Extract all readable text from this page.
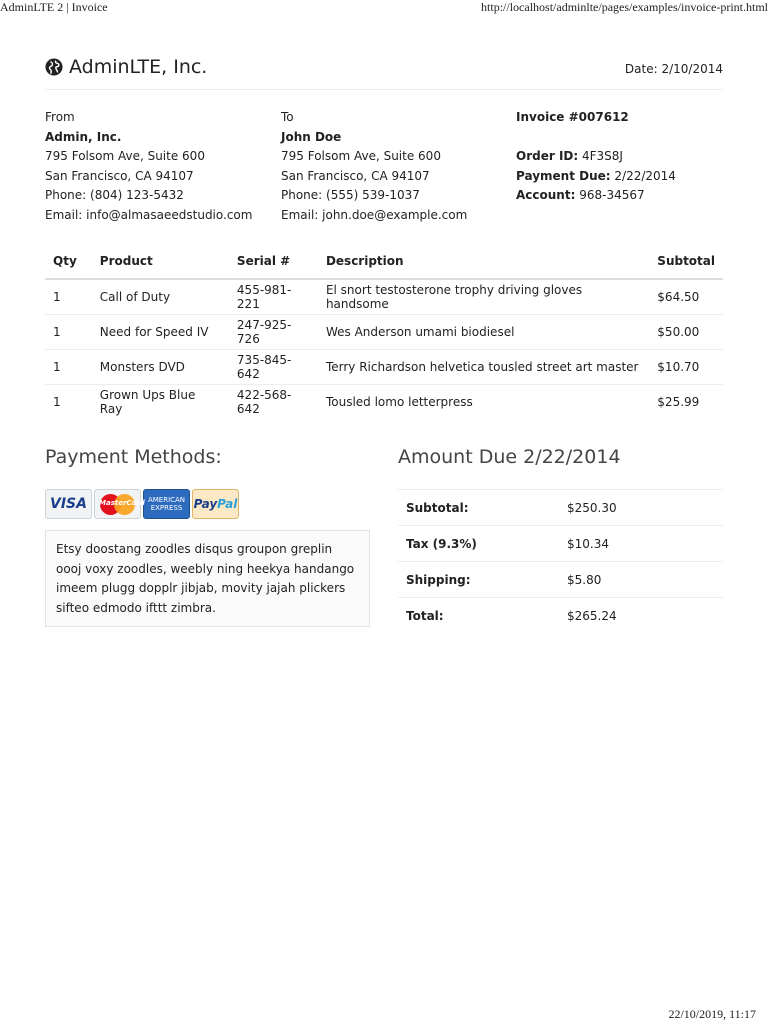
AdminLTE 2 | Invoice	http://localhost/adminlte/pages/examples/invoice-print.html
22/10/2019, 11:17
AdminLTE, Inc.	Date: 2/10/2014
From
Admin, Inc.
795 Folsom Ave, Suite 600
San Francisco, CA 94107
Phone: (804) 123-5432
Email: info@almasaeedstudio.com
To
John Doe
795 Folsom Ave, Suite 600
San Francisco, CA 94107
Phone: (555) 539-1037
Email: john.doe@example.com
Invoice #007612

Order ID: 4F3S8J
Payment Due: 2/22/2014
Account: 968-34567
Qty	Product	Serial #	Description	Subtotal
1	Call of Duty	455-981-221	El snort testosterone trophy driving gloves handsome	$64.50
1	Need for Speed IV	247-925-726	Wes Anderson umami biodiesel	$50.00
1	Monsters DVD	735-845-642	Terry Richardson helvetica tousled street art master	$10.70
1	Grown Ups Blue Ray	422-568-642	Tousled lomo letterpress	$25.99
Payment Methods:
VISA MasterCard AMERICAN
EXPRESS Pay Pal
Etsy doostang zoodles disqus groupon greplin oooj voxy zoodles, weebly ning heekya handango imeem plugg dopplr jibjab, movity jajah plickers sifteo edmodo ifttt zimbra.
Amount Due 2/22/2014
Subtotal:	$250.30
Tax (9.3%)	$10.34
Shipping:	$5.80
Total:	$265.24
